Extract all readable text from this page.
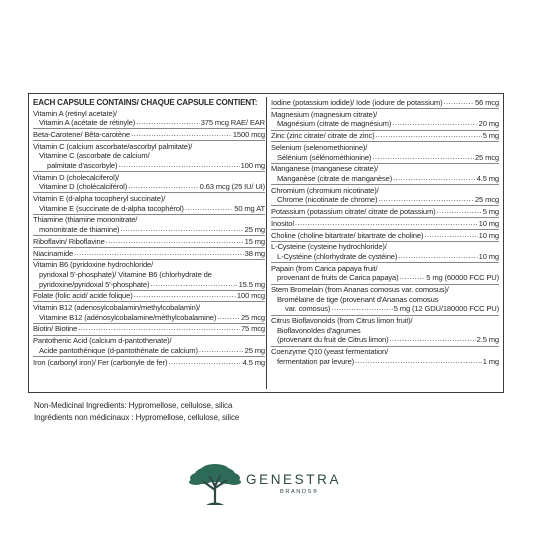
EACH CAPSULE CONTAINS/ CHAQUE CAPSULE CONTIENT:
Vitamin A (retinyl acetate)/
Vitamin A (acétate de rétinyle) .....	375 mcg RAE/ EAR
Beta-Carotene/ Bêta-carotène .....	1500 mcg
Vitamin C (calcium ascorbate/ascorbyl palmitate)/
Vitamine C (ascorbate de calcium/
palmitate d'ascorbyle) .....	100 mg
Vitamin D (cholecalciferol)/
Vitamine D (cholécalciférol) .....	0.63 mcg (25 IU/ UI)
Vitamin E (d-alpha tocopheryl succinate)/
Vitamine E (succinate de d-alpha tocophérol) .....	50 mg AT
Thiamine (thiamine mononitrate/
mononitrate de thiamine) .....	25 mg
Riboflavin/ Riboflavine .....	15 mg
Niacinamide .....	38 mg
Vitamin B6 (pyridoxine hydrochloride/
pyridoxal 5'-phosphate)/ Vitamine B6 (chlorhydrate de
pyridoxine/pyridoxal 5'-phosphate) .....	15.5 mg
Folate (folic acid/ acide folique) .....	100 mcg
Vitamin B12 (adenosylcobalamin/methylcobalamin)/
Vitamine B12 (adénosylcobalamine/méthylcobalamine) .....	25 mcg
Biotin/ Biotine .....	75 mcg
Pantothenic Acid (calcium d-pantothenate)/
Acide pantothénique (d-pantothénate de calcium) .....	25 mg
Iron (carbonyl iron)/ Fer (carbonyle de fer) .....	4.5 mg
Iodine (potassium iodide)/ Iode (iodure de potassium) .....	56 mcg
Magnesium (magnesium citrate)/
Magnésium (citrate de magnésium) .....	20 mg
Zinc (zinc citrate/ citrate de zinc) .....	5 mg
Selenium (selenomethionine)/
Sélénium (sélénométhionine) .....	25 mcg
Manganese (manganese citrate)/
Manganèse (citrate de manganèse) .....	4.5 mg
Chromium (chromium nicotinate)/
Chrome (nicotinate de chrome) .....	25 mcg
Potassium (potassium citrate/ citrate de potassium) .....	5 mg
Inositol .....	10 mg
Choline (choline bitartrate/ bitartrate de choline) .....	10 mg
L-Cysteine (cysteine hydrochloride)/
L-Cystéine (chlorhydrate de cystéine) .....	10 mg
Papain (from Carica papaya fruit/
provenant de fruits de Carica papaya) .....	5 mg (60000 FCC PU)
Stem Bromelain (from Ananas comosus var. comosus)/
Bromélaïne de tige (provenant d'Ananas comosus
var. comosus) .....	5 mg (12 GDU/180000 FCC PU)
Citrus Bioflavonoids (from Citrus limon fruit)/
Bioflavonoïdes d'agrumes
(provenant du fruit de Citrus limon) .....	2.5 mg
Coenzyme Q10 (yeast fermentation/
fermentation par levure) .....	1 mg
Non-Medicinal Ingredients: Hypromellose, cellulose, silica
Ingrédients non médicinaux : Hypromellose, cellulose, silice
GENESTRA
BRANDS®
